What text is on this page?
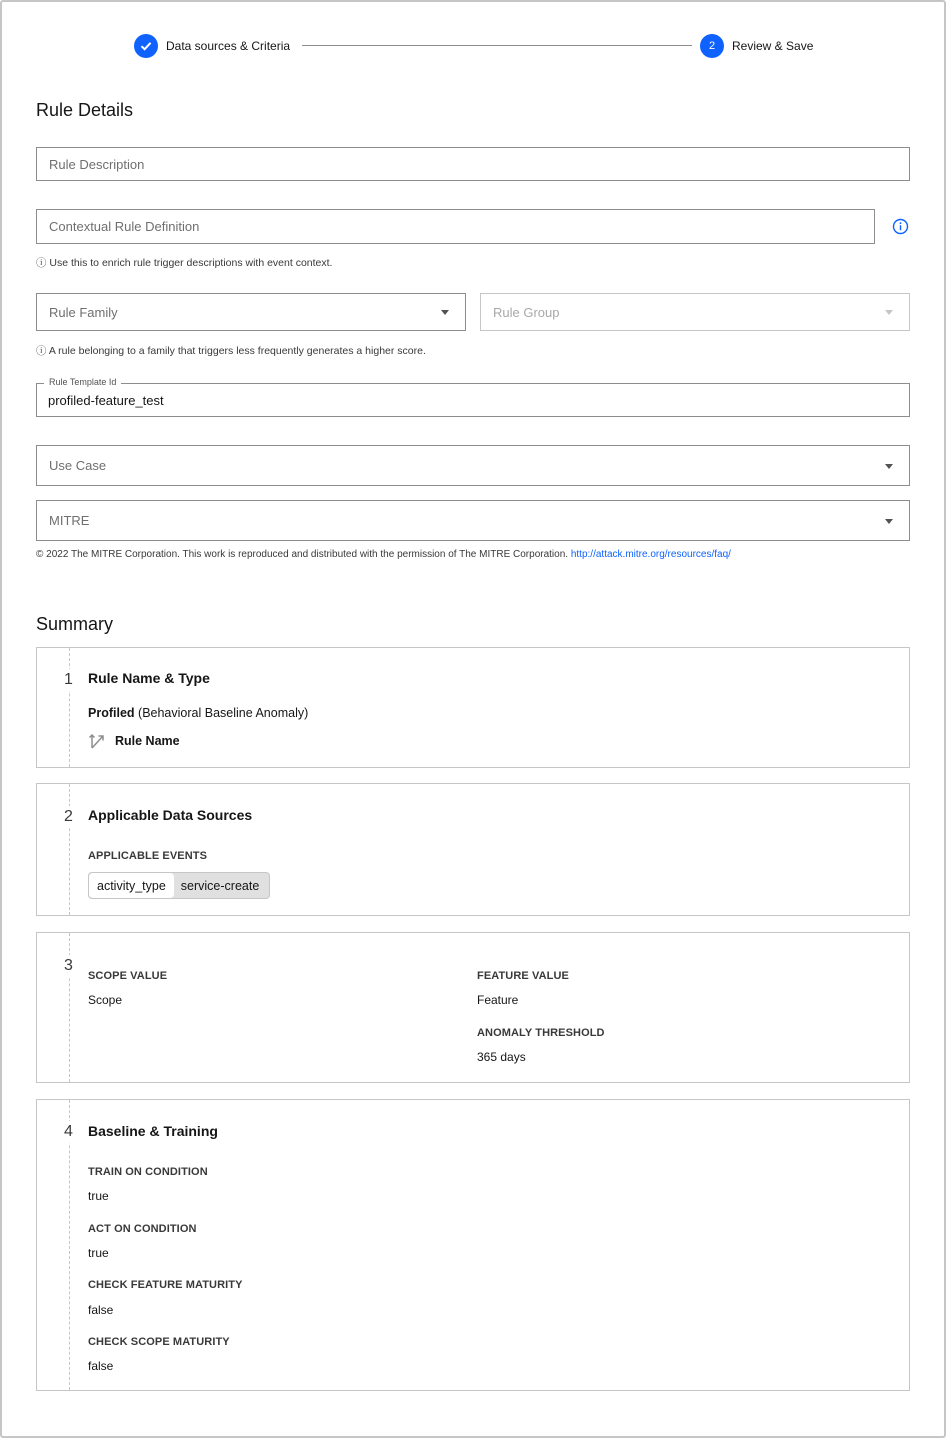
Data sources & Criteria	2	Review & Save
Rule Details
Rule Description
Contextual Rule Definition
ⓘ Use this to enrich rule trigger descriptions with event context.
Rule Family	Rule Group
ⓘ A rule belonging to a family that triggers less frequently generates a higher score.
profiled-feature_test
Rule Template Id
Use Case
MITRE
© 2022 The MITRE Corporation. This work is reproduced and distributed with the permission of The MITRE Corporation. http://attack.mitre.org/resources/faq/
Summary
1 Rule Name & Type
Profiled (Behavioral Baseline Anomaly)
Rule Name
2 Applicable Data Sources
APPLICABLE EVENTS
activity_type	service-create
3
SCOPE VALUE
Scope
FEATURE VALUE
Feature
ANOMALY THRESHOLD
365 days
4 Baseline & Training
TRAIN ON CONDITION
true
ACT ON CONDITION
true
CHECK FEATURE MATURITY
false
CHECK SCOPE MATURITY
false
